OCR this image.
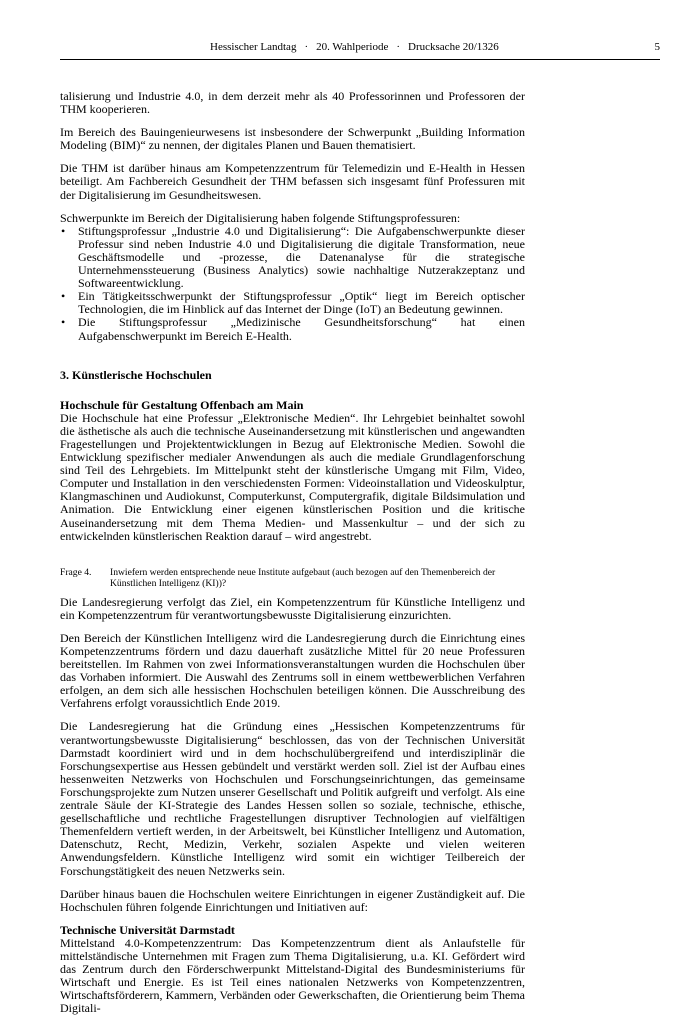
Hessischer Landtag · 20. Wahlperiode · Drucksache 20/1326	5

talisierung und Industrie 4.0, in dem derzeit mehr als 40 Professorinnen und Professoren der THM kooperieren.

Im Bereich des Bauingenieurwesens ist insbesondere der Schwerpunkt „Building Information Modeling (BIM)“ zu nennen, der digitales Planen und Bauen thematisiert.

Die THM ist darüber hinaus am Kompetenzzentrum für Telemedizin und E-Health in Hessen beteiligt. Am Fachbereich Gesundheit der THM befassen sich insgesamt fünf Professuren mit der Digitalisierung im Gesundheitswesen.

Schwerpunkte im Bereich der Digitalisierung haben folgende Stiftungsprofessuren:

• Stiftungsprofessur „Industrie 4.0 und Digitalisierung“: Die Aufgabenschwerpunkte dieser Professur sind neben Industrie 4.0 und Digitalisierung die digitale Transformation, neue Geschäftsmodelle und -prozesse, die Datenanalyse für die strategische Unternehmenssteuerung (Business Analytics) sowie nachhaltige Nutzerakzeptanz und Softwareentwicklung.
• Ein Tätigkeitsschwerpunkt der Stiftungsprofessur „Optik“ liegt im Bereich optischer Technologien, die im Hinblick auf das Internet der Dinge (IoT) an Bedeutung gewinnen.
• Die Stiftungsprofessur „Medizinische Gesundheitsforschung“ hat einen Aufgabenschwerpunkt im Bereich E-Health.
3. Künstlerische Hochschulen
Hochschule für Gestaltung Offenbach am Main

Die Hochschule hat eine Professur „Elektronische Medien“. Ihr Lehrgebiet beinhaltet sowohl die ästhetische als auch die technische Auseinandersetzung mit künstlerischen und angewandten Fragestellungen und Projektentwicklungen in Bezug auf Elektronische Medien. Sowohl die Entwicklung spezifischer medialer Anwendungen als auch die mediale Grundlagenforschung sind Teil des Lehrgebiets. Im Mittelpunkt steht der künstlerische Umgang mit Film, Video, Computer und Installation in den verschiedensten Formen: Videoinstallation und Videoskulptur, Klangmaschinen und Audiokunst, Computerkunst, Computergrafik, digitale Bildsimulation und Animation. Die Entwicklung einer eigenen künstlerischen Position und die kritische Auseinandersetzung mit dem Thema Medien- und Massenkultur – und der sich zu entwickelnden künstlerischen Reaktion darauf – wird angestrebt.

Frage 4.	Inwiefern werden entsprechende neue Institute aufgebaut (auch bezogen auf den Themenbereich der Künstlichen Intelligenz (KI))?

Die Landesregierung verfolgt das Ziel, ein Kompetenzzentrum für Künstliche Intelligenz und ein Kompetenzzentrum für verantwortungsbewusste Digitalisierung einzurichten.

Den Bereich der Künstlichen Intelligenz wird die Landesregierung durch die Einrichtung eines Kompetenzzentrums fördern und dazu dauerhaft zusätzliche Mittel für 20 neue Professuren bereitstellen. Im Rahmen von zwei Informationsveranstaltungen wurden die Hochschulen über das Vorhaben informiert. Die Auswahl des Zentrums soll in einem wettbewerblichen Verfahren erfolgen, an dem sich alle hessischen Hochschulen beteiligen können. Die Ausschreibung des Verfahrens erfolgt voraussichtlich Ende 2019.

Die Landesregierung hat die Gründung eines „Hessischen Kompetenzzentrums für verantwortungsbewusste Digitalisierung“ beschlossen, das von der Technischen Universität Darmstadt koordiniert wird und in dem hochschulübergreifend und interdisziplinär die Forschungsexpertise aus Hessen gebündelt und verstärkt werden soll. Ziel ist der Aufbau eines hessenweiten Netzwerks von Hochschulen und Forschungseinrichtungen, das gemeinsame Forschungsprojekte zum Nutzen unserer Gesellschaft und Politik aufgreift und verfolgt. Als eine zentrale Säule der KI-Strategie des Landes Hessen sollen so soziale, technische, ethische, gesellschaftliche und rechtliche Fragestellungen disruptiver Technologien auf vielfältigen Themenfeldern vertieft werden, in der Arbeitswelt, bei Künstlicher Intelligenz und Automation, Datenschutz, Recht, Medizin, Verkehr, sozialen Aspekte und vielen weiteren Anwendungsfeldern. Künstliche Intelligenz wird somit ein wichtiger Teilbereich der Forschungstätigkeit des neuen Netzwerks sein.

Darüber hinaus bauen die Hochschulen weitere Einrichtungen in eigener Zuständigkeit auf. Die Hochschulen führen folgende Einrichtungen und Initiativen auf:

Technische Universität Darmstadt

Mittelstand 4.0-Kompetenzzentrum: Das Kompetenzzentrum dient als Anlaufstelle für mittelständische Unternehmen mit Fragen zum Thema Digitalisierung, u.a. KI. Gefördert wird das Zentrum durch den Förderschwerpunkt Mittelstand-Digital des Bundesministeriums für Wirtschaft und Energie. Es ist Teil eines nationalen Netzwerks von Kompetenzzentren, Wirtschaftsförderern, Kammern, Verbänden oder Gewerkschaften, die Orientierung beim Thema Digitali-
